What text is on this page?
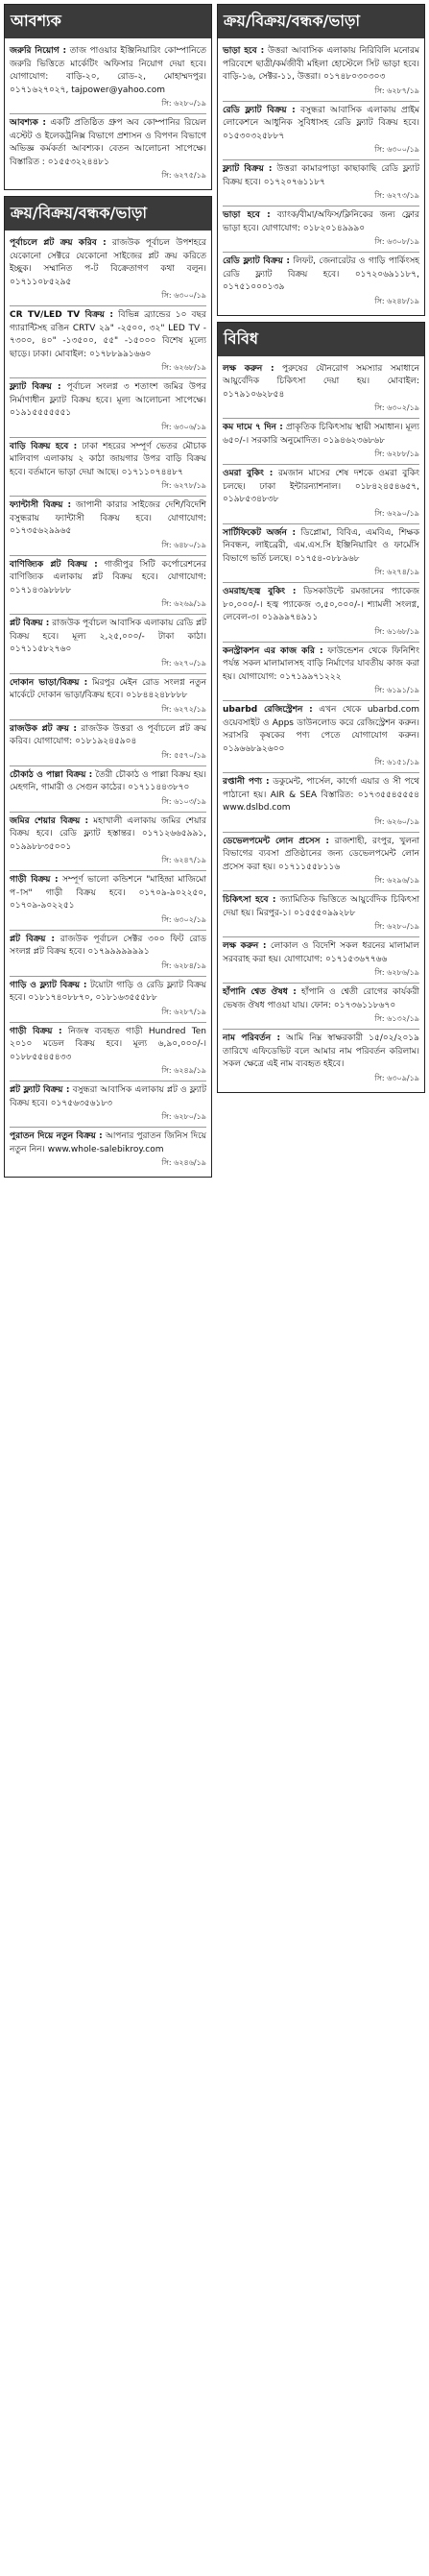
আবশ্যক
জরুরি নিয়োগ : তাজ পাওয়ার ইঞ্জিনিয়ারিং কোম্পানিতে জরুরি ভিত্তিতে মার্কেটিং অফিসার নিয়োগ দেয়া হবে। যোগাযোগ: বাড়ি-২০, রোড-২, মোহাম্মদপুর। ০১৭১৬২৭০২৭, tajpower@yahoo.com
সি: ৬২৮০/১৯
আবশ্যক : একটি প্রতিষ্ঠিত গ্রুপ অব কোম্পানির রিয়েল এস্টেট ও ইলেকট্রনিক্স বিভাগে প্রশাসন ও বিপণন বিভাগে অভিজ্ঞ কর্মকর্তা আবশ্যক। বেতন আলোচনা সাপেক্ষে। বিস্তারিত : ০১৫৫৩২২৪৪৮১
সি: ৬২৭৫/১৯
ক্রয়/বিক্রয়/বন্ধক/ভাড়া
পূর্বাচলে প্লট ক্রয় করিব : রাজউক পূর্বাচল উপশহরে যেকোনো সেক্টরে যেকোনো সাইজের প্লট ক্রয় করিতে ইচ্ছুক। সম্মানিত প-ট বিক্রেতাগণ কথা বলুন। ০১৭১১০৮৫২৯৫
সি: ৬৩০০/১৯
CR TV/LED TV বিক্রয় : বিভিন্ন ব্র্যান্ডের ১০ বছর গ্যারান্টিসহ রঙিন CRTV ২৯" -২৫০০, ৩২" LED TV - ৭৩০০, ৪০" -১৩৫০০, ৫৫" -১৫০০০ বিশেষ মূল্যে ছাড়ে। ঢাকা। মোবাইল: ০১৭৮৮৯৯১৬৬০
সি: ৬২৬৮/১৯
ফ্ল্যাট বিক্রয় : পূর্বাচল সংলগ্ন ৩ শতাংশ জমির উপর নির্মাণাধীন ফ্ল্যাট বিক্রয় হবে। মূল্য আলোচনা সাপেক্ষে। ০১৯১৫৫৫৫৫৫১
সি: ৬৩০৬/১৯
বাড়ি বিক্রয় হবে : ঢাকা শহরের সম্পূর্ণ ভেতর মৌচাক মালিবাগ এলাকায় ২ কাঠা জায়গার উপর বাড়ি বিক্রয় হবে। বর্তমানে ভাড়া দেয়া আছে। ০১৭১১০৭৪৪৮৭
সি: ৬২৭৮/১৯
ফ্যান্টাসী বিক্রয় : জাপানী কারার সাইজের দেশি/বিদেশি বসুন্ধরায় ফ্যান্টাসী বিক্রয় হবে। যোগাযোগ: ০১৭৩৫৬২৯৯৬৫
সি: ৬৪৮০/১৯
বাণিজ্যিক প্লট বিক্রয় : গাজীপুর সিটি কর্পোরেশনের বাণিজ্যিক এলাকায় প্লট বিক্রয় হবে। যোগাযোগ: ০১৭১৪৩৯৮৮৮৮
সি: ৬২৬৯/১৯
প্লট বিক্রয় : রাজউক পূর্বাচল আবাসিক এলাকায় রেডি প্লট বিক্রয় হবে। মূল্য ২,২৫,০০০/- টাকা কাঠা। ০১৭১১৫৮২৭৬০
সি: ৬২৭০/১৯
দোকান ভাড়া/বিক্রয় : মিরপুর মেইন রোড সংলগ্ন নতুন মার্কেটে দোকান ভাড়া/বিক্রয় হবে। ০১৮৪৪২৪৮৮৮৮
সি: ৬২৭২/১৯
রাজউক প্লট ক্রয় : রাজউক উত্তরা ও পূর্বাচলে প্লট ক্রয় করিব। যোগাযোগ: ০১৮১৯২৪৫৯০৪
সি: ৫৫৭০/১৯
চৌকাঠ ও পাল্লা বিক্রয় : তৈরী চৌকাঠ ও পাল্লা বিক্রয় হয়। মেহগনি, গামারী ও সেগুন কাঠের। ০১৭১১৪৪৩৮৭০
সি: ৬১০৩/১৯
জমির শেয়ার বিক্রয় : মহাখালী এলাকায় জমির শেয়ার বিক্রয় হবে। রেডি ফ্ল্যাট হস্তান্তর। ০১৭১২৬৬৫৯৯১, ০১৯৯৮৮৩৫০০১
সি: ৬২৪৭/১৯
গাড়ী বিক্রয় : সম্পূর্ণ ভালো কন্ডিশনে "মাহিন্দ্রা মাজিমো প-াস" গাড়ী বিক্রয় হবে। ০১৭০৯-৯০২২৫০, ০১৭০৯-৯০২২৫১
সি: ৬৩০২/১৯
প্লট বিক্রয় : রাজউক পূর্বাচল সেক্টর ৩০০ ফিট রোড সংলগ্ন প্লট বিক্রয় হবে। ০১৭৯৯৯৯৯৯৯১
সি: ৬২৮৪/১৯
গাড়ি ও ফ্ল্যাট বিক্রয় : টয়োটা গাড়ি ও রেডি ফ্ল্যাট বিক্রয় হবে। ০১৮১৭৪০৮৮৭০, ০১৮১৬৩৫৫৫৮৮
সি: ৬২৮৭/১৯
গাড়ী বিক্রয় : নিজস্ব ব্যবহৃত গাড়ী Hundred Ten ২০১০ মডেল বিক্রয় হবে। মূল্য ৬,৯০,০০০/-। ০১৮৮৫৫৪৫৪৩৩
সি: ৬২৪৯/১৯
প্লট ফ্ল্যাট বিক্রয় : বসুন্ধরা আবাসিক এলাকায় প্লট ও ফ্ল্যাট বিক্রয় হবে। ০১৭৫৬৩৫৬১৮৩
সি: ৬২৮০/১৯
পুরাতন দিয়ে নতুন বিক্রয় : আপনার পুরাতন জিনিস দিয়ে নতুন নিন। www.whole-salebikroy.com
সি: ৬২৪৬/১৯
ক্রয়/বিক্রয়/বন্ধক/ভাড়া
ভাড়া হবে : উত্তরা আবাসিক এলাকায় নিরিবিলি মনোরম পরিবেশে ছাত্রী/কর্মজীবী মহিলা হোস্টেলে সিট ভাড়া হবে। বাড়ি-১৬, সেক্টর-১১, উত্তরা। ০১৭৪৮০৩০৩০৩
সি: ৬২৮৭/১৯
রেডি ফ্ল্যাট বিক্রয় : বসুন্ধরা আবাসিক এলাকায় প্রাইম লোকেশনে আধুনিক সুবিধাসহ রেডি ফ্ল্যাট বিক্রয় হবে। ০১৫৩০৩২৫৮৮৭
সি: ৬৩০০/১৯
ফ্ল্যাট বিক্রয় : উত্তরা কামারপাড়া কাছাকাছি রেডি ফ্ল্যাট বিক্রয় হবে। ০১৭২০৭৬১১৮৭
সি: ৬২৭৩/১৯
ভাড়া হবে : ব্যাংক/বীমা/অফিস/ক্লিনিকের জন্য ফ্লোর ভাড়া হবে। যোগাযোগ: ০১৮২০১৪৯৯৯০
সি: ৬৩০৮/১৯
রেডি ফ্ল্যাট বিক্রয় : লিফট, জেনারেটর ও গাড়ি পার্কিংসহ রেডি ফ্ল্যাট বিক্রয় হবে। ০১৭২০৬৯১১৮৭, ০১৭৫১০০০১৩৯
সি: ৬২৪৮/১৯
বিবিধ
লক্ষ করুন : পুরুষের যৌনরোগ সমস্যার সমাধানে আয়ুর্বেদিক চিকিৎসা দেয়া হয়। মোবাইল: ০১৭৯১০৬২৮৫৪
সি: ৬৩০২/১৯
কম দামে ৭ দিন : প্রাকৃতিক চিকিৎসায় স্থায়ী সমাধান। মূল্য ৬৫০/-। সরকারি অনুমোদিত। ০১৯৪৬২৩৬৮৬৮
সি: ৬২৮৮/১৯
ওমরা বুকিং : রমজান মাসের শেষ দশকে ওমরা বুকিং চলছে। ঢাকা ইন্টারন্যাশনাল। ০১৮৪২৪৫৪৬৫৭, ০১৯৮৫৩৪৮৩৮
সি: ৬২৯০/১৯
সার্টিফিকেট অর্জন : ডিপ্লোমা, বিবিএ, এমবিএ, শিক্ষক নিবন্ধন, লাইব্রেরী, এম.এস.সি ইঞ্জিনিয়ারিং ও ফার্মেসি বিভাগে ভর্তি চলছে। ০১৭৫৪-০৮৮৯৬৮
সি: ৬২৭৪/১৯
ওমরাহ/হজ্ব বুকিং : ডিসকাউন্টে রমজানের প্যাকেজ ৮০,০০০/-। হজ্ব প্যাকেজ ৩,৫০,০০০/-। শ্যামলী সংলগ্ন, লেবেল-৩। ০১৯৯৯৭৪৯১১
সি: ৬১৬৮/১৯
কনস্ট্রাকশন এর কাজ করি : ফাউন্ডেশন থেকে ফিনিশিং পর্যন্ত সকল মালামালসহ বাড়ি নির্মাণের যাবতীয় কাজ করা হয়। যোগাযোগ: ০১৭১৯৯৭১২২২
সি: ৬১৯১/১৯
ubarbd রেজিস্ট্রেশন : এখন থেকে ubarbd.com ওয়েবসাইট ও Apps ডাউনলোড করে রেজিস্ট্রেশন করুন। সরাসরি কৃষকের পণ্য পেতে যোগাযোগ করুন। ০১৯৬৬৮৯২৬০০
সি: ৬১৫১/১৯
রপ্তানী পণ্য : ডকুমেন্ট, পার্সেল, কার্গো এয়ার ও সী পথে পাঠানো হয়। AIR & SEA বিস্তারিত: ০১৭৩৫৫৪৫৫৫৪ www.dslbd.com
সি: ৬২৬০/১৯
ডেভেলপমেন্ট লোন প্রসেস : রাজশাহী, রংপুর, খুলনা বিভাগের ব্যবসা প্রতিষ্ঠানের জন্য ডেভেলপমেন্ট লোন প্রসেস করা হয়। ০১৭১১৫৫৮১১৬
সি: ৬২৯৬/১৯
চিকিৎসা হবে : জ্যামিতিক ভিত্তিতে আয়ুর্বেদিক চিকিৎসা দেয়া হয়। মিরপুর-১। ০১৫৫৫০৯৯২৮৮
সি: ৬২৮০/১৯
লক্ষ করুন : লোকাল ও বিদেশি সকল ধরনের মালামাল সরবরাহ করা হয়। যোগাযোগ: ০১৭১৫৩৬৭৭৬৬
সি: ৬২৮৬/১৯
হাঁপানি শ্বেত ঔষধ : হাঁপানি ও শ্বেতী রোগের কার্যকরী ভেষজ ঔষধ পাওয়া যায়। ফোন: ০১৭৩৬১১৮৬৭০
সি: ৬১৩২/১৯
নাম পরিবর্তন : আমি নিম্ন স্বাক্ষরকারী ১৫/০২/২০১৯ তারিখে এফিডেভিট বলে আমার নাম পরিবর্তন করিলাম। সকল ক্ষেত্রে এই নাম ব্যবহৃত হইবে।
সি: ৬৩০৯/১৯
